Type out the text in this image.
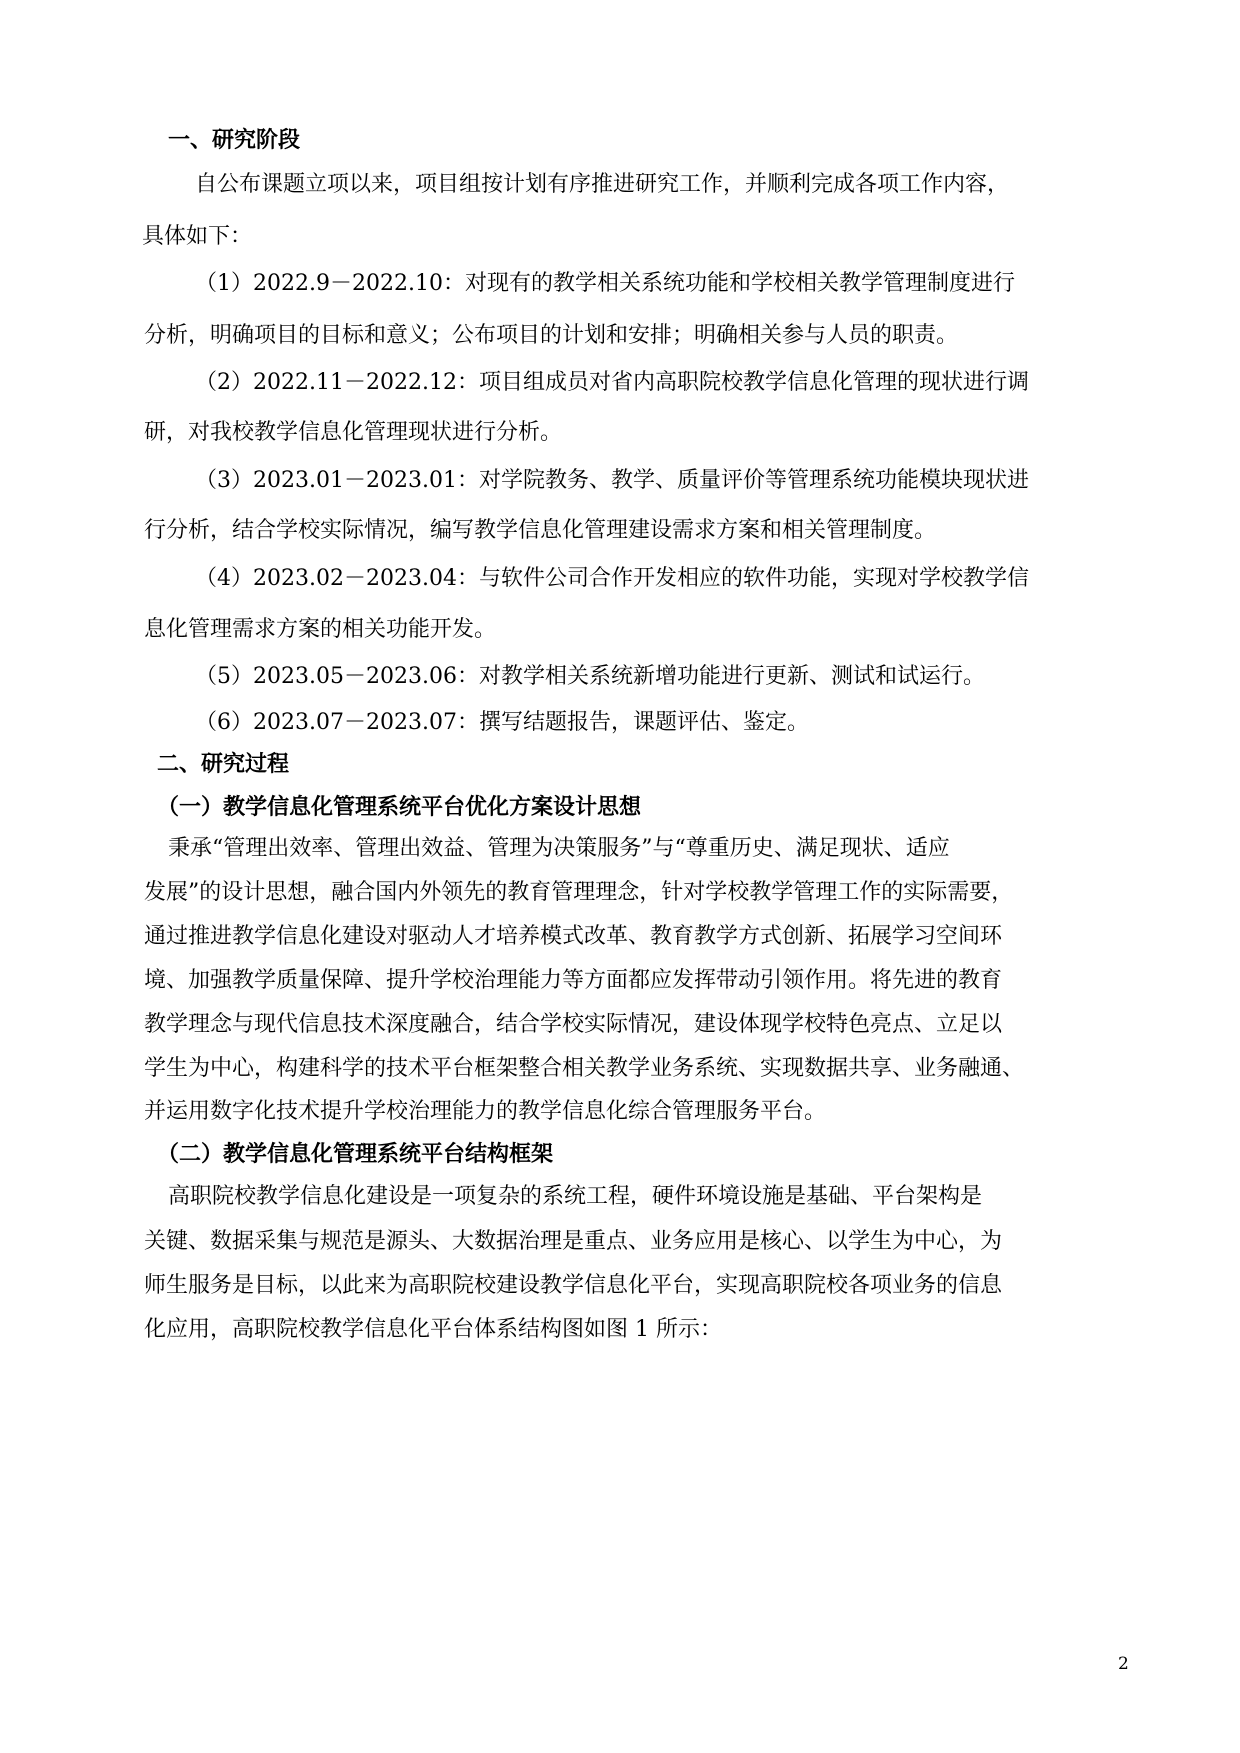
一、研究阶段
自公布课题立项以来，项目组按计划有序推进研究工作，并顺利完成各项工作内容，
具体如下：
（1）2022.9－2022.10：对现有的教学相关系统功能和学校相关教学管理制度进行
分析，明确项目的目标和意义；公布项目的计划和安排；明确相关参与人员的职责。
（2）2022.11－2022.12：项目组成员对省内高职院校教学信息化管理的现状进行调
研，对我校教学信息化管理现状进行分析。
（3）2023.01－2023.01：对学院教务、教学、质量评价等管理系统功能模块现状进
行分析，结合学校实际情况，编写教学信息化管理建设需求方案和相关管理制度。
（4）2023.02－2023.04：与软件公司合作开发相应的软件功能，实现对学校教学信
息化管理需求方案的相关功能开发。
（5）2023.05－2023.06：对教学相关系统新增功能进行更新、测试和试运行。
（6）2023.07－2023.07：撰写结题报告，课题评估、鉴定。
二、研究过程
（一）教学信息化管理系统平台优化方案设计思想
秉承“管理出效率、管理出效益、管理为决策服务”与“尊重历史、满足现状、适应
发展”的设计思想，融合国内外领先的教育管理理念，针对学校教学管理工作的实际需要，
通过推进教学信息化建设对驱动人才培养模式改革、教育教学方式创新、拓展学习空间环
境、加强教学质量保障、提升学校治理能力等方面都应发挥带动引领作用。将先进的教育
教学理念与现代信息技术深度融合，结合学校实际情况，建设体现学校特色亮点、立足以
学生为中心，构建科学的技术平台框架整合相关教学业务系统、实现数据共享、业务融通、
并运用数字化技术提升学校治理能力的教学信息化综合管理服务平台。
（二）教学信息化管理系统平台结构框架
高职院校教学信息化建设是一项复杂的系统工程，硬件环境设施是基础、平台架构是
关键、数据采集与规范是源头、大数据治理是重点、业务应用是核心、以学生为中心，为
师生服务是目标，以此来为高职院校建设教学信息化平台，实现高职院校各项业务的信息
化应用，高职院校教学信息化平台体系结构图如图 1 所示：
2
